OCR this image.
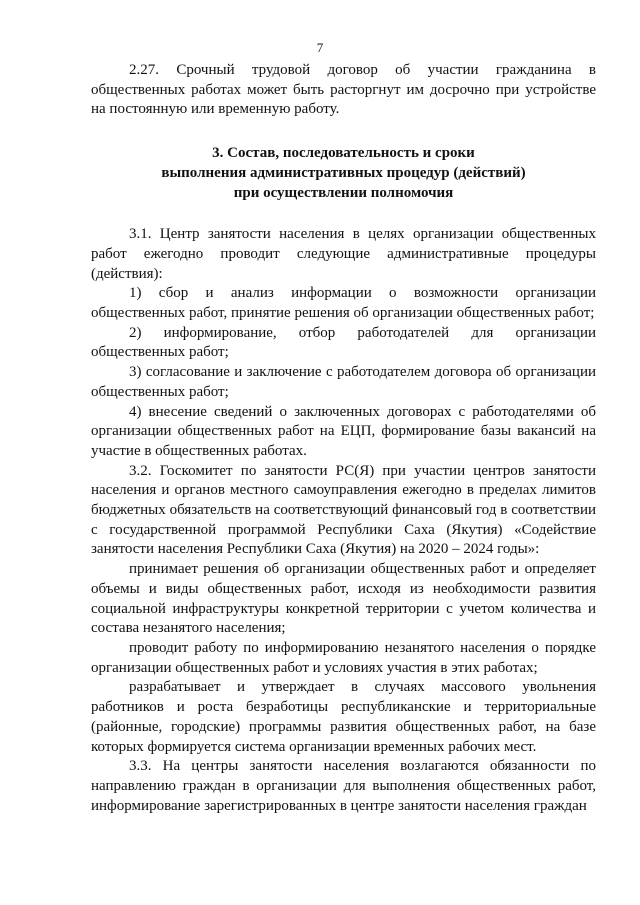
7

2.27. Срочный трудовой договор об участии гражданина в общественных работах может быть расторгнут им досрочно при устройстве на постоянную или временную работу.

3. Состав, последовательность и сроки
выполнения административных процедур (действий)
при осуществлении полномочия

3.1. Центр занятости населения в целях организации общественных работ ежегодно проводит следующие административные процедуры (действия):

1) сбор и анализ информации о возможности организации общественных работ, принятие решения об организации общественных работ;

2) информирование, отбор работодателей для организации общественных работ;

3) согласование и заключение с работодателем договора об организации общественных работ;

4) внесение сведений о заключенных договорах с работодателями об организации общественных работ на ЕЦП, формирование базы вакансий на участие в общественных работах.

3.2. Госкомитет по занятости РС(Я) при участии центров занятости населения и органов местного самоуправления ежегодно в пределах лимитов бюджетных обязательств на соответствующий финансовый год в соответствии с государственной программой Республики Саха (Якутия) «Содействие занятости населения Республики Саха (Якутия) на 2020 – 2024 годы»:

принимает решения об организации общественных работ и определяет объемы и виды общественных работ, исходя из необходимости развития социальной инфраструктуры конкретной территории с учетом количества и состава незанятого населения;

проводит работу по информированию незанятого населения о порядке организации общественных работ и условиях участия в этих работах;

разрабатывает и утверждает в случаях массового увольнения работников и роста безработицы республиканские и территориальные (районные, городские) программы развития общественных работ, на базе которых формируется система организации временных рабочих мест.

3.3. На центры занятости населения возлагаются обязанности по направлению граждан в организации для выполнения общественных работ, информирование зарегистрированных в центре занятости населения граждан
